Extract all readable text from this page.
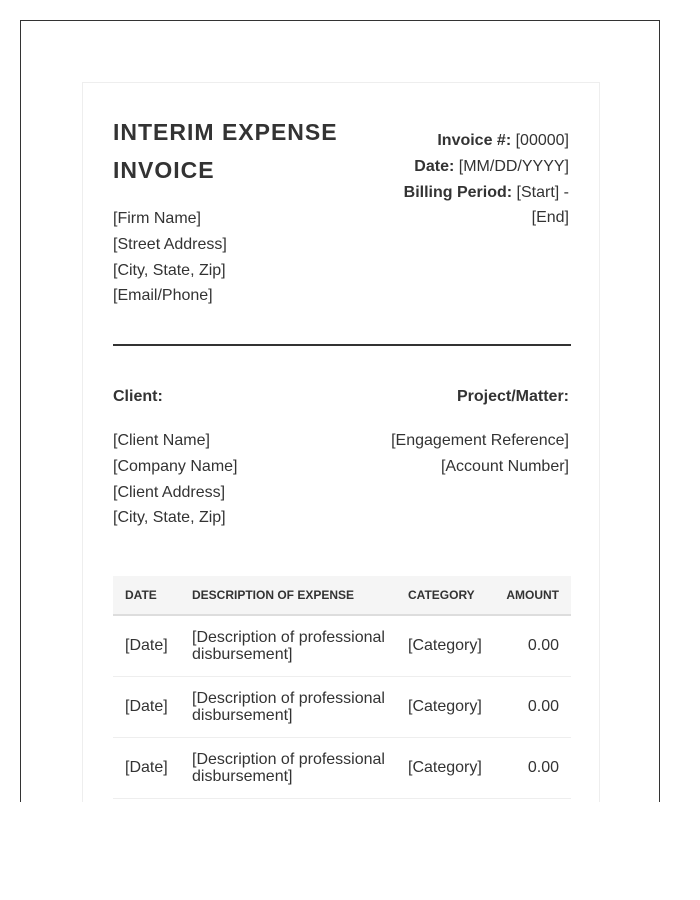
INTERIM EXPENSE INVOICE
[Firm Name]
[Street Address]
[City, State, Zip]
[Email/Phone]
Invoice #: [00000]
Date: [MM/DD/YYYY]
Billing Period: [Start] - [End]
Client:	Project/Matter:
[Client Name]
[Company Name]
[Client Address]
[City, State, Zip]
[Engagement Reference]
[Account Number]
DATE	DESCRIPTION OF EXPENSE	CATEGORY	AMOUNT
[Date]	[Description of professional disbursement]	[Category]	0.00
[Date]	[Description of professional disbursement]	[Category]	0.00
[Date]	[Description of professional disbursement]	[Category]	0.00
